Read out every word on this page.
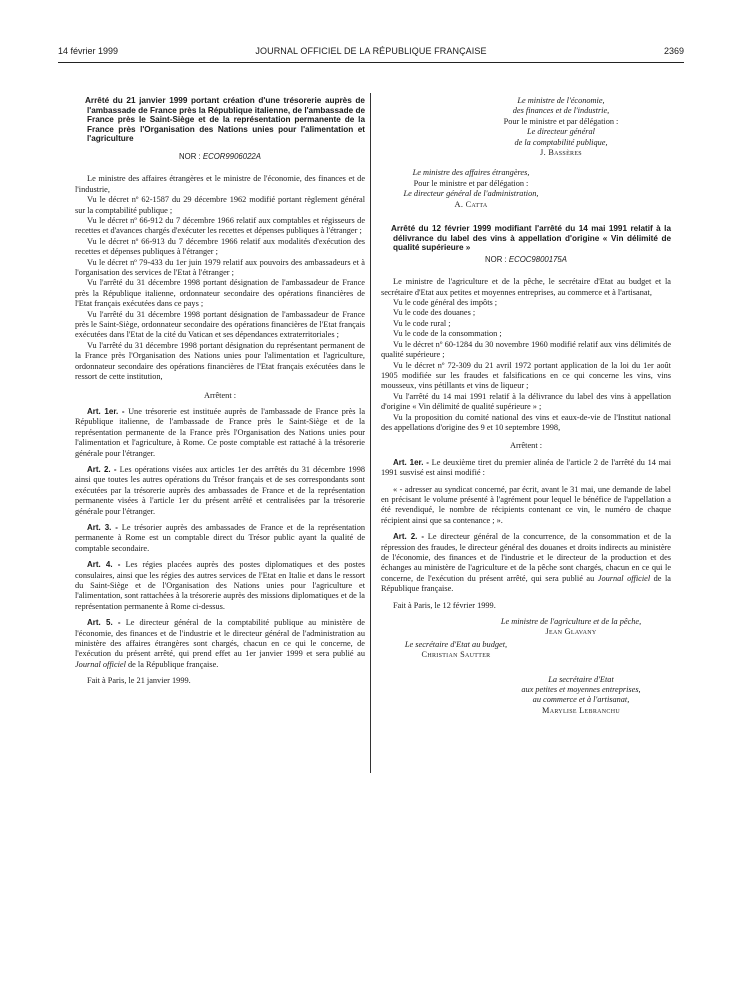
14 février 1999	JOURNAL OFFICIEL DE LA RÉPUBLIQUE FRANÇAISE	2369
Arrêté du 21 janvier 1999 portant création d'une trésorerie auprès de l'ambassade de France près la République italienne, de l'ambassade de France près le Saint-Siège et de la représentation permanente de la France près l'Organisation des Nations unies pour l'alimentation et l'agriculture
NOR : ECOR9906022A

Le ministre des affaires étrangères et le ministre de l'économie, des finances et de l'industrie,

Vu le décret nº 62-1587 du 29 décembre 1962 modifié portant règlement général sur la comptabilité publique ;

Vu le décret nº 66-912 du 7 décembre 1966 relatif aux comptables et régisseurs de recettes et d'avances chargés d'exécuter les recettes et dépenses publiques à l'étranger ;

Vu le décret nº 66-913 du 7 décembre 1966 relatif aux modalités d'exécution des recettes et dépenses publiques à l'étranger ;

Vu le décret nº 79-433 du 1er juin 1979 relatif aux pouvoirs des ambassadeurs et à l'organisation des services de l'Etat à l'étranger ;

Vu l'arrêté du 31 décembre 1998 portant désignation de l'ambassadeur de France près la République italienne, ordonnateur secondaire des opérations financières de l'Etat français exécutées dans ce pays ;

Vu l'arrêté du 31 décembre 1998 portant désignation de l'ambassadeur de France près le Saint-Siège, ordonnateur secondaire des opérations financières de l'Etat français exécutées dans l'Etat de la cité du Vatican et ses dépendances extraterritoriales ;

Vu l'arrêté du 31 décembre 1998 portant désignation du représentant permanent de la France près l'Organisation des Nations unies pour l'alimentation et l'agriculture, ordonnateur secondaire des opérations financières de l'Etat français exécutées dans le ressort de cette institution,

Arrêtent :

Art. 1er. - Une trésorerie est instituée auprès de l'ambassade de France près la République italienne, de l'ambassade de France près le Saint-Siège et de la représentation permanente de la France près l'Organisation des Nations unies pour l'alimentation et l'agriculture, à Rome. Ce poste comptable est rattaché à la trésorerie générale pour l'étranger.

Art. 2. - Les opérations visées aux articles 1er des arrêtés du 31 décembre 1998 ainsi que toutes les autres opérations du Trésor français et de ses correspondants sont exécutées par la trésorerie auprès des ambassades de France et de la représentation permanente visées à l'article 1er du présent arrêté et centralisées par la trésorerie générale pour l'étranger.

Art. 3. - Le trésorier auprès des ambassades de France et de la représentation permanente à Rome est un comptable direct du Trésor public ayant la qualité de comptable secondaire.

Art. 4. - Les régies placées auprès des postes diplomatiques et des postes consulaires, ainsi que les régies des autres services de l'Etat en Italie et dans le ressort du Saint-Siège et de l'Organisation des Nations unies pour l'agriculture et l'alimentation, sont rattachées à la trésorerie auprès des missions diplomatiques et de la représentation permanente à Rome ci-dessus.

Art. 5. - Le directeur général de la comptabilité publique au ministère de l'économie, des finances et de l'industrie et le directeur général de l'administration au ministère des affaires étrangères sont chargés, chacun en ce qui le concerne, de l'exécution du présent arrêté, qui prend effet au 1er janvier 1999 et sera publié au Journal officiel de la République française.

Fait à Paris, le 21 janvier 1999.

Le ministre de l'économie,
des finances et de l'industrie,
Pour le ministre et par délégation :
Le directeur général
de la comptabilité publique,
J. Bassères
Le ministre des affaires étrangères,
Pour le ministre et par délégation :
Le directeur général de l'administration,
A. Catta
Arrêté du 12 février 1999 modifiant l'arrêté du 14 mai 1991 relatif à la délivrance du label des vins à appellation d'origine « Vin délimité de qualité supérieure »
NOR : ECOC9800175A

Le ministre de l'agriculture et de la pêche, le secrétaire d'Etat au budget et la secrétaire d'Etat aux petites et moyennes entreprises, au commerce et à l'artisanat,

Vu le code général des impôts ;

Vu le code des douanes ;

Vu le code rural ;

Vu le code de la consommation ;

Vu le décret nº 60-1284 du 30 novembre 1960 modifié relatif aux vins délimités de qualité supérieure ;

Vu le décret nº 72-309 du 21 avril 1972 portant application de la loi du 1er août 1905 modifiée sur les fraudes et falsifications en ce qui concerne les vins, vins mousseux, vins pétillants et vins de liqueur ;

Vu l'arrêté du 14 mai 1991 relatif à la délivrance du label des vins à appellation d'origine « Vin délimité de qualité supérieure » ;

Vu la proposition du comité national des vins et eaux-de-vie de l'Institut national des appellations d'origine des 9 et 10 septembre 1998,

Arrêtent :

Art. 1er. - Le deuxième tiret du premier alinéa de l'article 2 de l'arrêté du 14 mai 1991 susvisé est ainsi modifié :

« - adresser au syndicat concerné, par écrit, avant le 31 mai, une demande de label en précisant le volume présenté à l'agrément pour lequel le bénéfice de l'appellation a été revendiqué, le nombre de récipients contenant ce vin, le numéro de chaque récipient ainsi que sa contenance ; ».

Art. 2. - Le directeur général de la concurrence, de la consommation et de la répression des fraudes, le directeur général des douanes et droits indirects au ministère de l'économie, des finances et de l'industrie et le directeur de la production et des échanges au ministère de l'agriculture et de la pêche sont chargés, chacun en ce qui le concerne, de l'exécution du présent arrêté, qui sera publié au Journal officiel de la République française.

Fait à Paris, le 12 février 1999.

Le ministre de l'agriculture et de la pêche,
Jean Glavany
Le secrétaire d'Etat au budget,
Christian Sautter
La secrétaire d'Etat
aux petites et moyennes entreprises,
au commerce et à l'artisanat,
Marylise Lebranchu
